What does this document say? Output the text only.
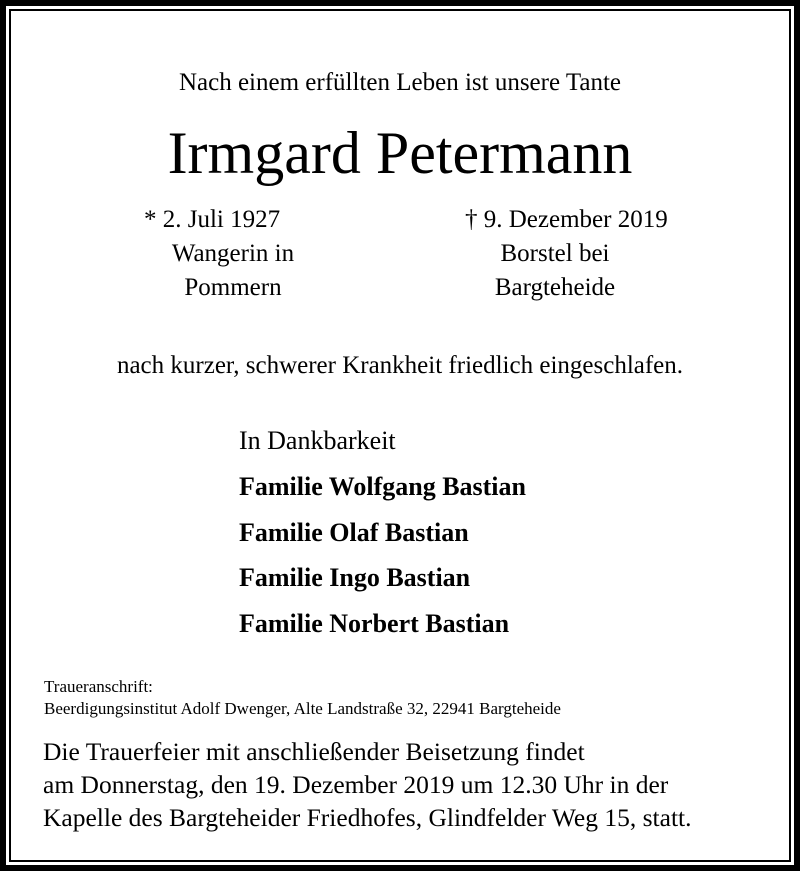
Nach einem erfüllten Leben ist unsere Tante
Irmgard Petermann
* 2. Juli 1927
Wangerin in
Pommern
† 9. Dezember 2019
Borstel bei
Bargteheide
nach kurzer, schwerer Krankheit friedlich eingeschlafen.
In Dankbarkeit
Familie Wolfgang Bastian
Familie Olaf Bastian
Familie Ingo Bastian
Familie Norbert Bastian
Traueranschrift:
Beerdigungsinstitut Adolf Dwenger, Alte Landstraße 32, 22941 Bargteheide
Die Trauerfeier mit anschließender Beisetzung findet
am Donnerstag, den 19. Dezember 2019 um 12.30 Uhr in der
Kapelle des Bargteheider Friedhofes, Glindfelder Weg 15, statt.
